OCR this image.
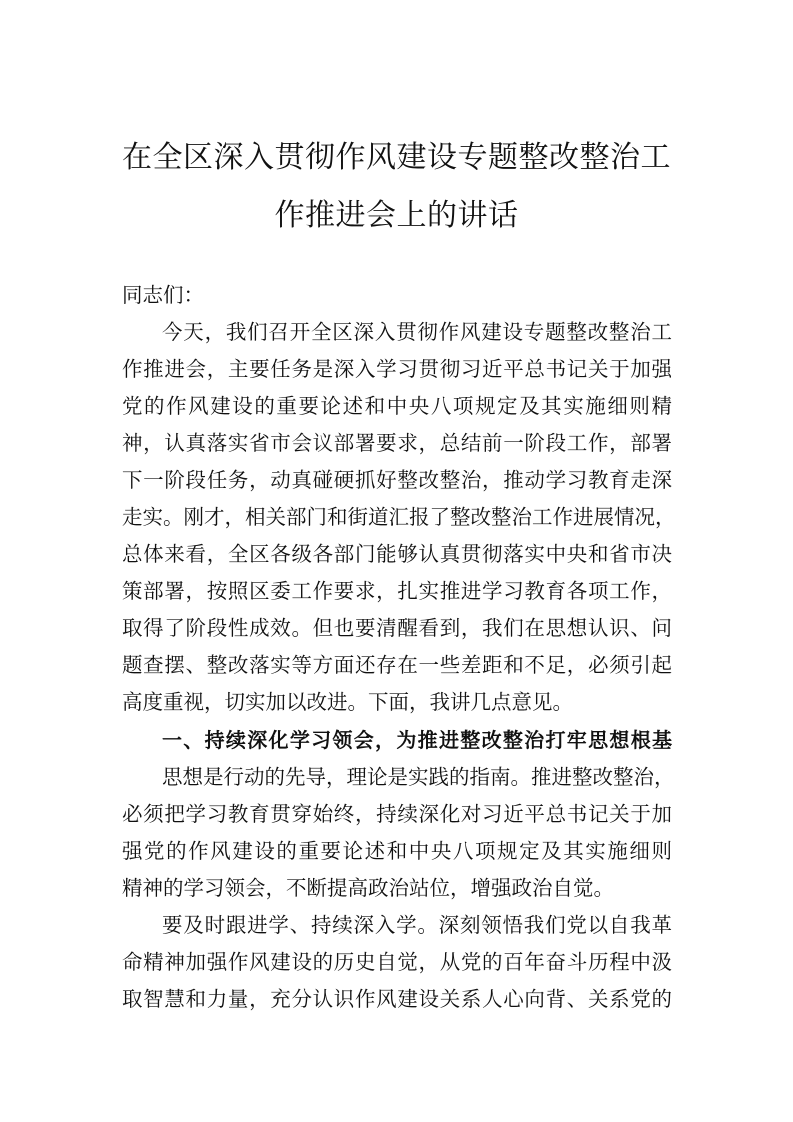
在全区深入贯彻作风建设专题整改整治工
作推进会上的讲话
同志们：
今天，我们召开全区深入贯彻作风建设专题整改整治工
作推进会，主要任务是深入学习贯彻习近平总书记关于加强
党的作风建设的重要论述和中央八项规定及其实施细则精
神，认真落实省市会议部署要求，总结前一阶段工作，部署
下一阶段任务，动真碰硬抓好整改整治，推动学习教育走深
走实。刚才，相关部门和街道汇报了整改整治工作进展情况，
总体来看，全区各级各部门能够认真贯彻落实中央和省市决
策部署，按照区委工作要求，扎实推进学习教育各项工作，
取得了阶段性成效。但也要清醒看到，我们在思想认识、问
题查摆、整改落实等方面还存在一些差距和不足，必须引起
高度重视，切实加以改进。下面，我讲几点意见。
一、持续深化学习领会，为推进整改整治打牢思想根基
思想是行动的先导，理论是实践的指南。推进整改整治，
必须把学习教育贯穿始终，持续深化对习近平总书记关于加
强党的作风建设的重要论述和中央八项规定及其实施细则
精神的学习领会，不断提高政治站位，增强政治自觉。
要及时跟进学、持续深入学。深刻领悟我们党以自我革
命精神加强作风建设的历史自觉，从党的百年奋斗历程中汲
取智慧和力量，充分认识作风建设关系人心向背、关系党的
